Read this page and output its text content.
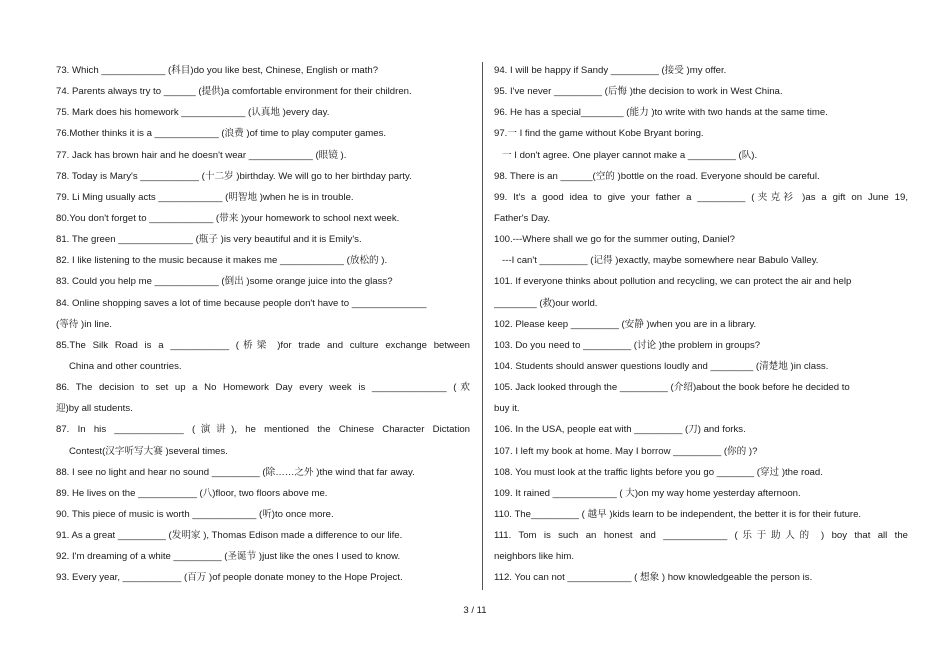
73. Which ____________ (科目)do you like best, Chinese, English or math?
74. Parents always try to ______ (提供)a comfortable environment for their children.
75. Mark does his homework ____________ (认真地 )every day.
76.Mother thinks it is a ____________ (浪费 )of time to play computer games.
77. Jack has brown hair and he doesn't wear ____________ (眼镜 ).
78. Today is Mary's ___________ (十二岁 )birthday. We will go to her birthday party.
79. Li Ming usually acts ____________ (明智地 )when he is in trouble.
80.You don't forget to ____________ (带来 )your homework to school next week.
81. The green ______________ (瓶子 )is very beautiful and it is Emily's.
82. I like listening to the music because it makes me ____________ (放松的 ).
83. Could you help me ____________ (倒出 )some orange juice into the glass?
84. Online shopping saves a lot of time because people don't have to ______________
(等待 )in line.
85.The Silk Road is a ___________ (桥梁 )for trade and culture exchange between
China and other countries.
86. The decision to set up a No Homework Day every week is ______________ (欢
迎)by all students.
87. In his _____________ (演讲), he mentioned the Chinese Character Dictation
Contest(汉字听写大赛 )several times.
88. I see no light and hear no sound _________ (除……之外 )the wind that far away.
89. He lives on the ___________ (八)floor, two floors above me.
90. This piece of music is worth ____________ (听)to once more.
91. As a great _________ (发明家 ), Thomas Edison made a difference to our life.
92. I'm dreaming of a white _________ (圣诞节 )just like the ones I used to know.
93. Every year, ___________ (百万 )of people donate money to the Hope Project.
94. I will be happy if Sandy _________ (接受 )my offer.
95. I've never _________ (后悔 )the decision to work in West China.
96. He has a special________ (能力 )to write with two hands at the same time.
97.一 I find the game without Kobe Bryant boring.
一 I don't agree. One player cannot make a _________ (队).
98. There is an ______(空的 )bottle on the road. Everyone should be careful.
99. It's a good idea to give your father a _________ (夹克衫 )as a gift on June 19,
Father's Day.
100.---Where shall we go for the summer outing, Daniel?
---I can't _________ (记得 )exactly, maybe somewhere near Babulo Valley.
101. If everyone thinks about pollution and recycling, we can protect the air and help
________ (救)our world.
102. Please keep _________ (安静 )when you are in a library.
103. Do you need to _________ (讨论 )the problem in groups?
104. Students should answer questions loudly and ________ (清楚地 )in class.
105. Jack looked through the _________ (介绍)about the book before he decided to
buy it.
106. In the USA, people eat with _________ (刀) and forks.
107. I left my book at home. May I borrow _________ (你的 )?
108. You must look at the traffic lights before you go _______ (穿过 )the road.
109. It rained ____________ ( 大)on my way home yesterday afternoon.
110. The_________ ( 越早 )kids learn to be independent, the better it is for their future.
111. Tom is such an honest and ____________ (乐于助人的 ) boy that all the
neighbors like him.
112. You can not ____________ ( 想象 ) how knowledgeable the person is.
3 / 11
